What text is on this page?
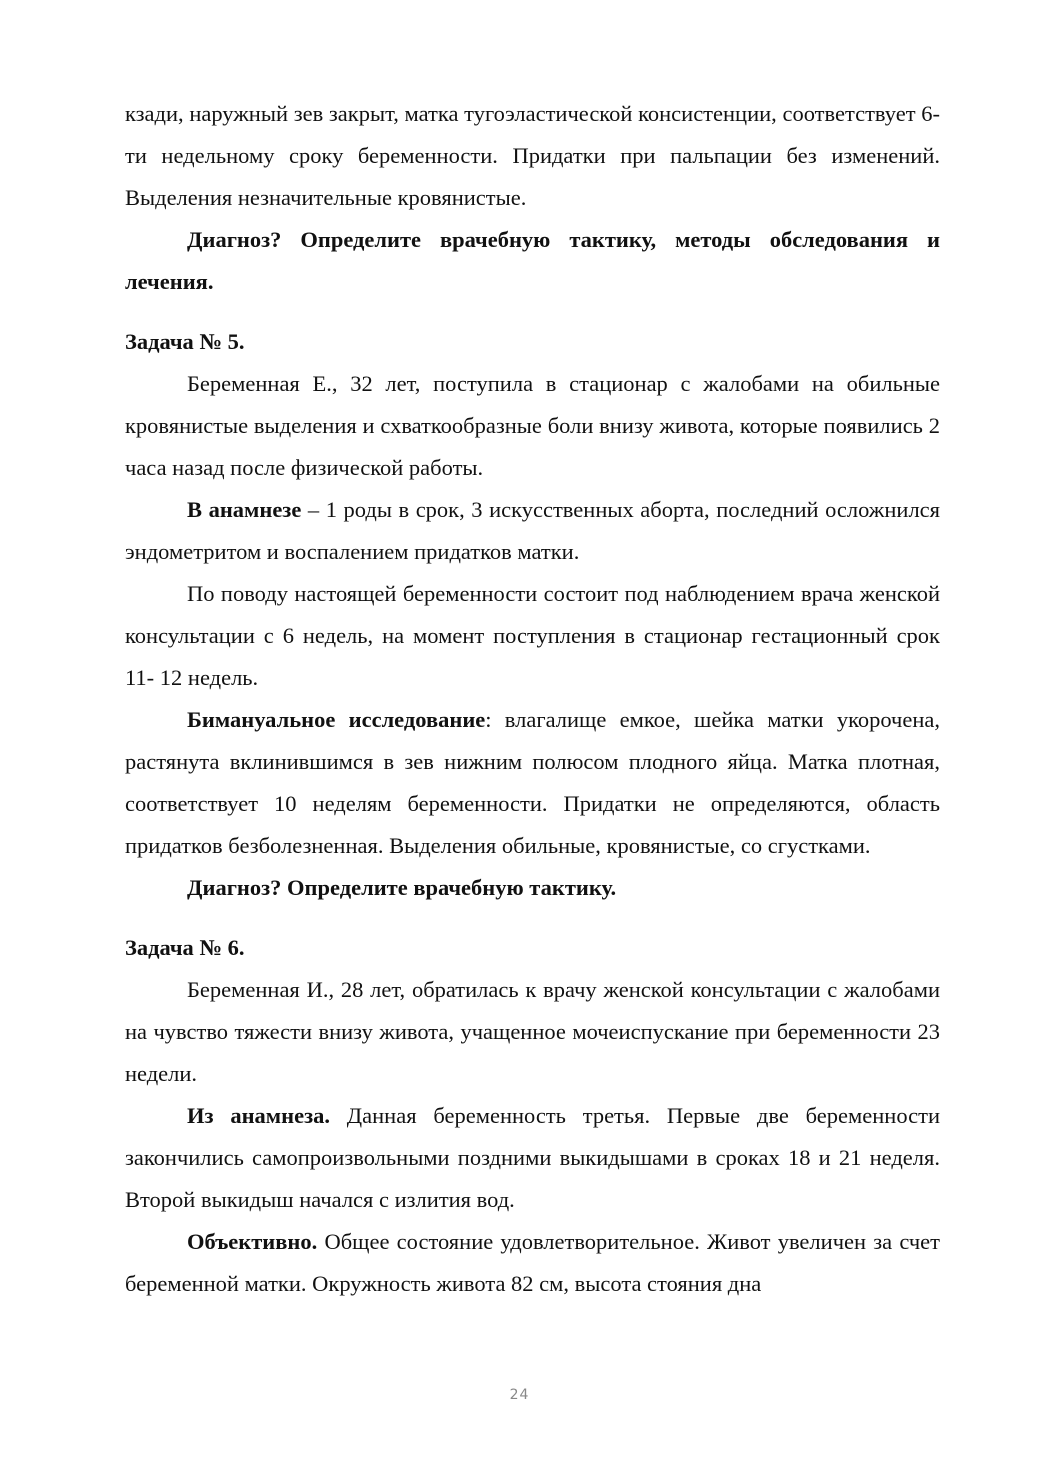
кзади, наружный зев закрыт, матка тугоэластической консистенции, соответствует 6-ти недельному сроку беременности. Придатки при пальпации без изменений. Выделения незначительные кровянистые.

Диагноз? Определите врачебную тактику, методы обследования и лечения.

Задача № 5.

Беременная Е., 32 лет, поступила в стационар с жалобами на обильные кровянистые выделения и схваткообразные боли внизу живота, которые появились 2 часа назад после физической работы.

В анамнезе – 1 роды в срок, 3 искусственных аборта, последний осложнился эндометритом и воспалением придатков матки.

По поводу настоящей беременности состоит под наблюдением врача женской консультации с 6 недель, на момент поступления в стационар гестационный срок 11- 12 недель.

Бимануальное исследование: влагалище емкое, шейка матки укорочена, растянута вклинившимся в зев нижним полюсом плодного яйца. Матка плотная, соответствует 10 неделям беременности. Придатки не определяются, область придатков безболезненная. Выделения обильные, кровянистые, со сгустками.

Диагноз? Определите врачебную тактику.

Задача № 6.

Беременная И., 28 лет, обратилась к врачу женской консультации с жалобами на чувство тяжести внизу живота, учащенное мочеиспускание при беременности 23 недели.

Из анамнеза. Данная беременность третья. Первые две беременности закончились самопроизвольными поздними выкидышами в сроках 18 и 21 неделя. Второй выкидыш начался с излития вод.

Объективно. Общее состояние удовлетворительное. Живот увеличен за счет беременной матки. Окружность живота 82 см, высота стояния дна

24
